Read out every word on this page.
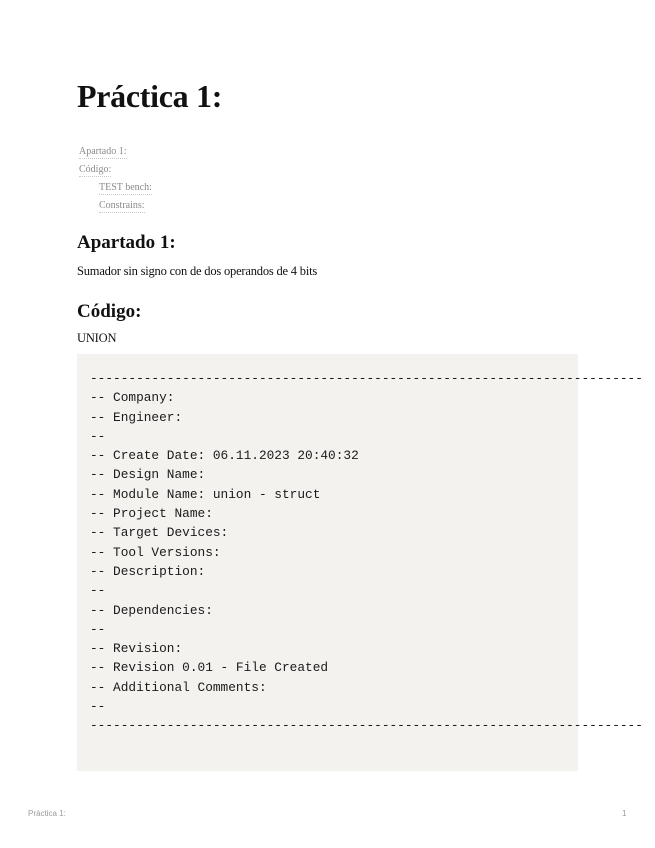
Práctica 1:
Apartado 1:
Código:
TEST bench:
Constrains:
Apartado 1:

Sumador sin signo con de dos operandos de 4 bits

Código:

UNION

------------------------------------------------------------------------
-- Company:
-- Engineer:
--
-- Create Date: 06.11.2023 20:40:32
-- Design Name:
-- Module Name: union - struct
-- Project Name:
-- Target Devices:
-- Tool Versions:
-- Description:
--
-- Dependencies:
--
-- Revision:
-- Revision 0.01 - File Created
-- Additional Comments:
--
------------------------------------------------------------------------
Práctica 1:	1
